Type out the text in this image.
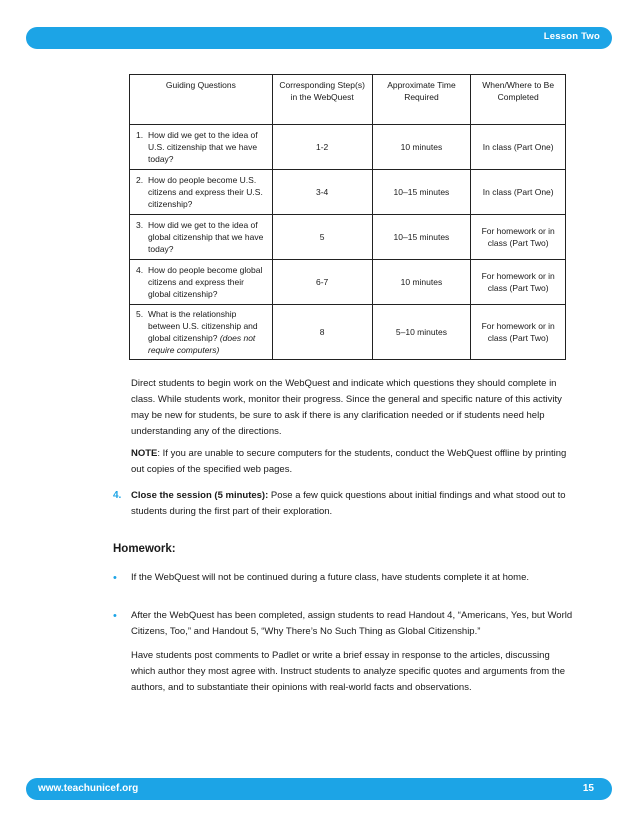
Lesson Two
Guiding Questions	Corresponding Step(s) in the WebQuest	Approximate Time Required	When/Where to Be Completed

1. How did we get to the idea of U.S. citizenship that we have today?	1-2	10 minutes	In class (Part One)

2. How do people become U.S. citizens and express their U.S. citizenship?	3-4	10–15 minutes	In class (Part One)

3. How did we get to the idea of global citizenship that we have today?	5	10–15 minutes	For homework or in class (Part Two)

4. How do people become global citizens and express their global citizenship?	6-7	10 minutes	For homework or in class (Part Two)

5. What is the relationship between U.S. citizenship and global citizenship? (does not require computers)	8	5–10 minutes	For homework or in class (Part Two)
Direct students to begin work on the WebQuest and indicate which questions they should complete in class. While students work, monitor their progress. Since the general and specific nature of this activity may be new for students, be sure to ask if there is any clarification needed or if students need help understanding any of the directions.
NOTE: If you are unable to secure computers for the students, conduct the WebQuest offline by printing out copies of the specified web pages.
4.	Close the session (5 minutes): Pose a few quick questions about initial findings and what stood out to students during the first part of their exploration.
Homework:
•	If the WebQuest will not be continued during a future class, have students complete it at home.
•	After the WebQuest has been completed, assign students to read Handout 4, “Americans, Yes, but World Citizens, Too,” and Handout 5, “Why There’s No Such Thing as Global Citizenship.”
Have students post comments to Padlet or write a brief essay in response to the articles, discussing which author they most agree with. Instruct students to analyze specific quotes and arguments from the authors, and to substantiate their opinions with real-world facts and observations.
www.teachunicef.org	15
